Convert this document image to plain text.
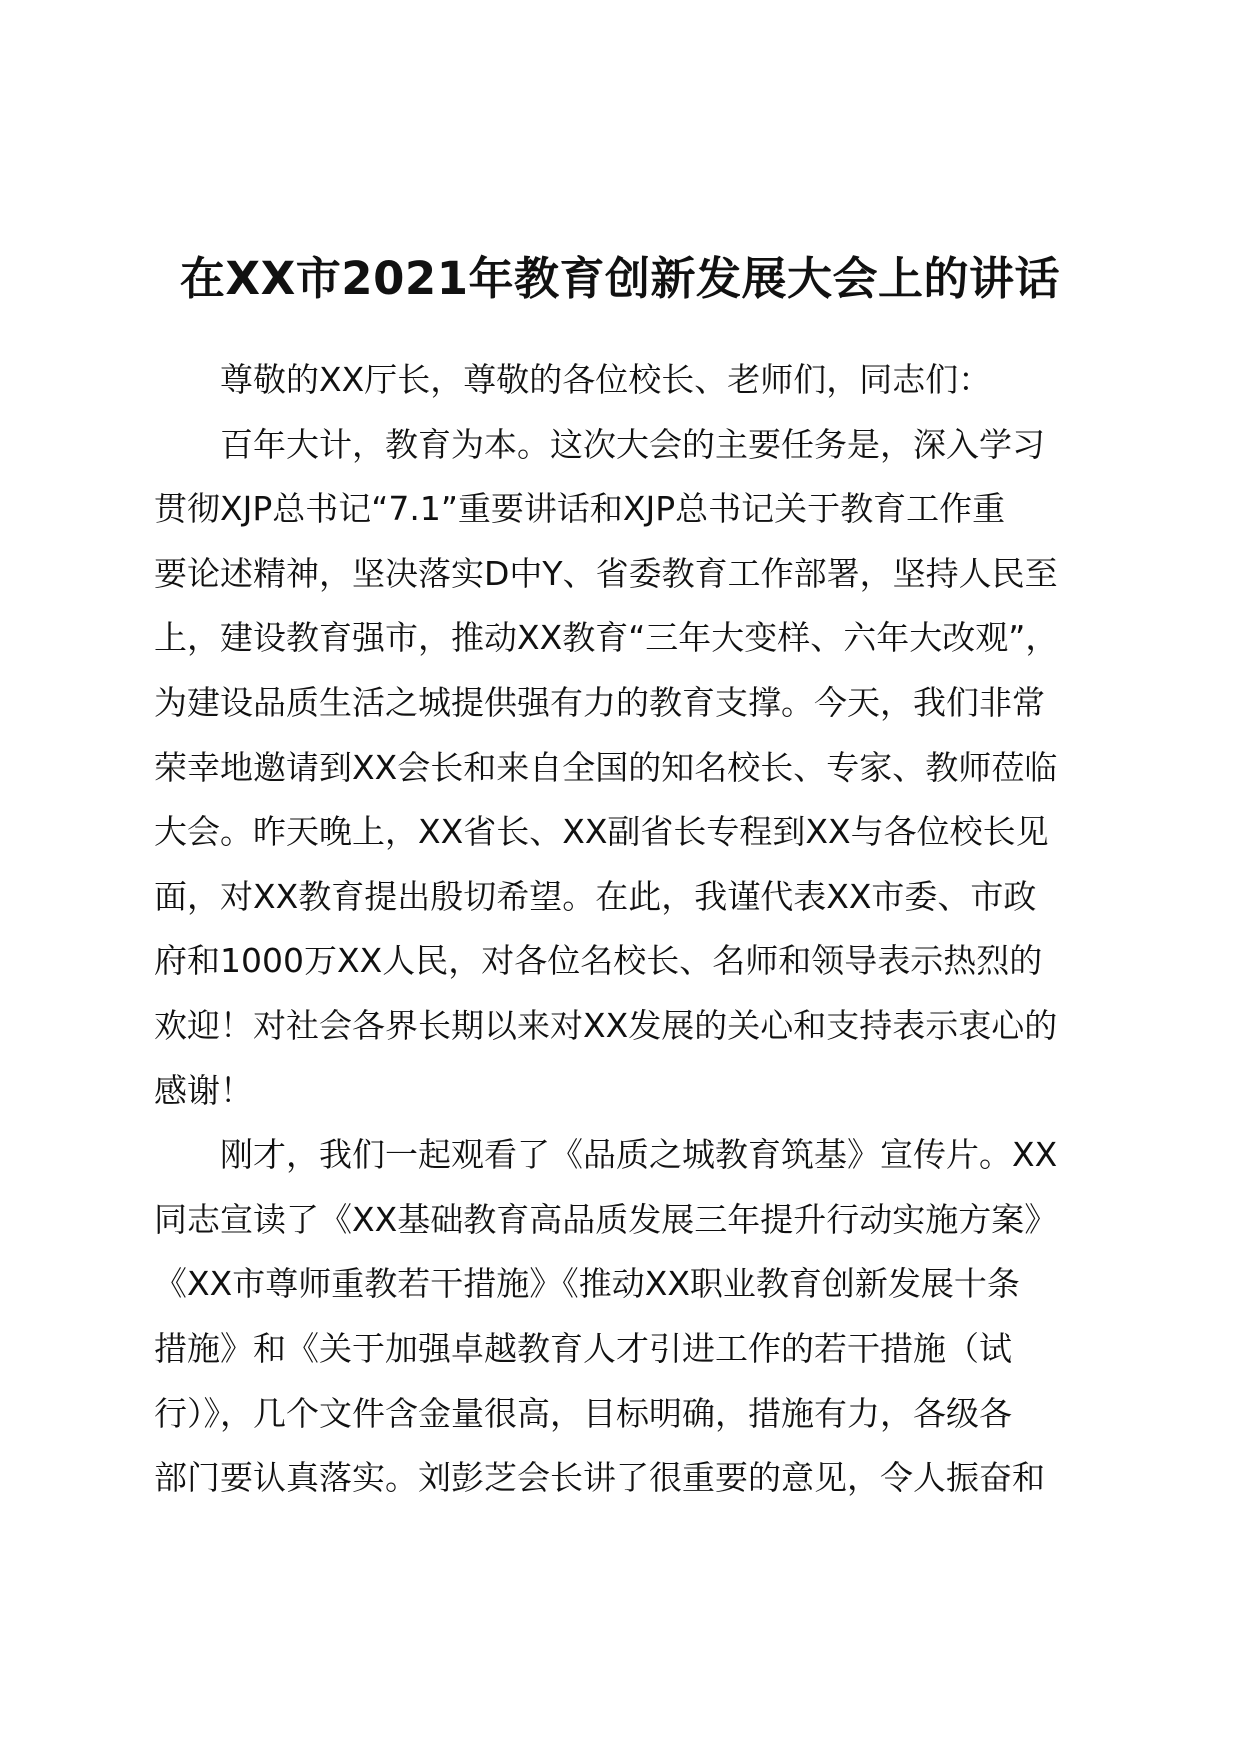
在XX市2021年教育创新发展大会上的讲话

尊敬的XX厅长，尊敬的各位校长、老师们，同志们：

百年大计，教育为本。这次大会的主要任务是，深入学习
贯彻XJP总书记“7.1”重要讲话和XJP总书记关于教育工作重
要论述精神，坚决落实D中Y、省委教育工作部署，坚持人民至
上，建设教育强市，推动XX教育“三年大变样、六年大改观”，
为建设品质生活之城提供强有力的教育支撑。今天，我们非常
荣幸地邀请到XX会长和来自全国的知名校长、专家、教师莅临
大会。昨天晚上，XX省长、XX副省长专程到XX与各位校长见
面，对XX教育提出殷切希望。在此，我谨代表XX市委、市政
府和1000万XX人民，对各位名校长、名师和领导表示热烈的
欢迎！对社会各界长期以来对XX发展的关心和支持表示衷心的
感谢！

刚才，我们一起观看了《品质之城教育筑基》宣传片。XX
同志宣读了《XX基础教育高品质发展三年提升行动实施方案》
《XX市尊师重教若干措施》《推动XX职业教育创新发展十条
措施》和《关于加强卓越教育人才引进工作的若干措施（试
行）》，几个文件含金量很高，目标明确，措施有力，各级各
部门要认真落实。刘彭芝会长讲了很重要的意见，令人振奋和
